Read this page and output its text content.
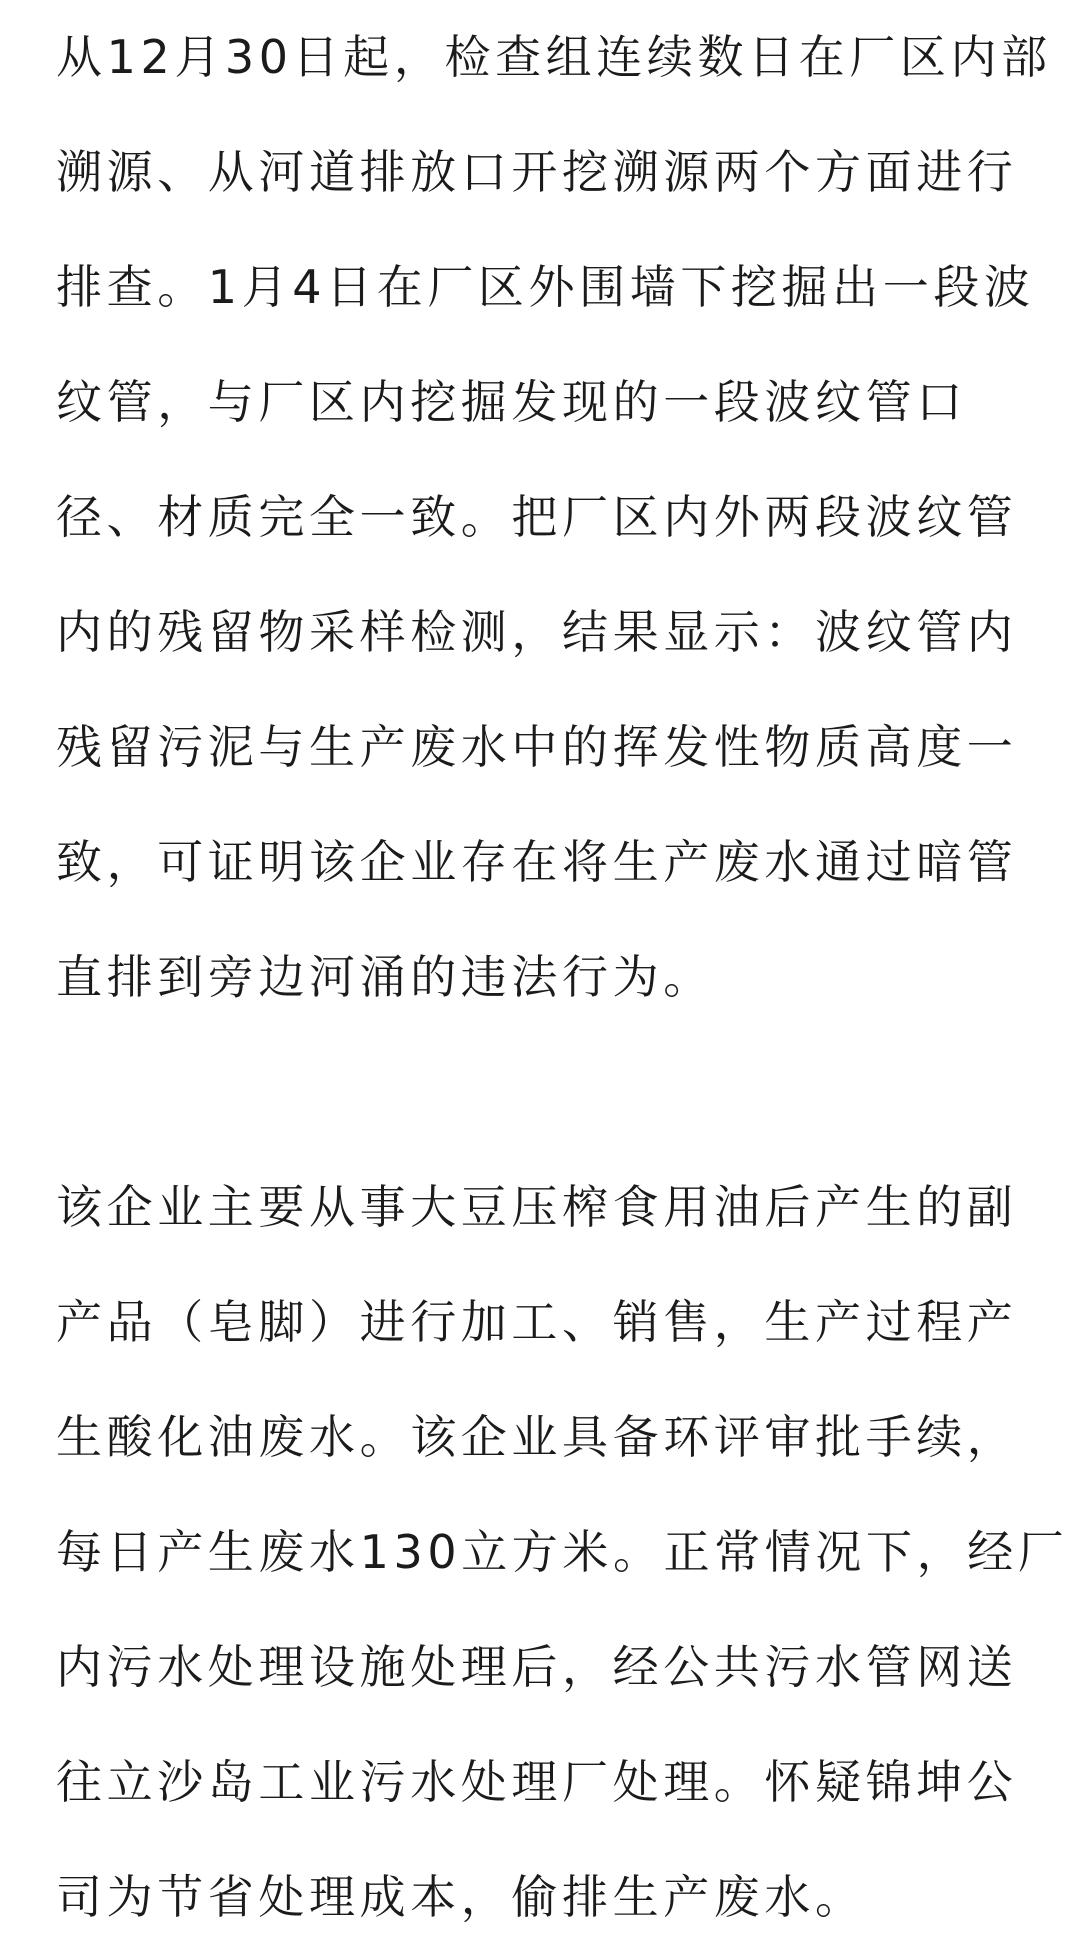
从12月30日起，检查组连续数日在厂区内部
溯源、从河道排放口开挖溯源两个方面进行
排查。1月4日在厂区外围墙下挖掘出一段波
纹管，与厂区内挖掘发现的一段波纹管口
径、材质完全一致。把厂区内外两段波纹管
内的残留物采样检测，结果显示：波纹管内
残留污泥与生产废水中的挥发性物质高度一
致，可证明该企业存在将生产废水通过暗管
直排到旁边河涌的违法行为。
该企业主要从事大豆压榨食用油后产生的副
产品（皂脚）进行加工、销售，生产过程产
生酸化油废水。该企业具备环评审批手续，
每日产生废水130立方米。正常情况下，经厂
内污水处理设施处理后，经公共污水管网送
往立沙岛工业污水处理厂处理。怀疑锦坤公
司为节省处理成本，偷排生产废水。
